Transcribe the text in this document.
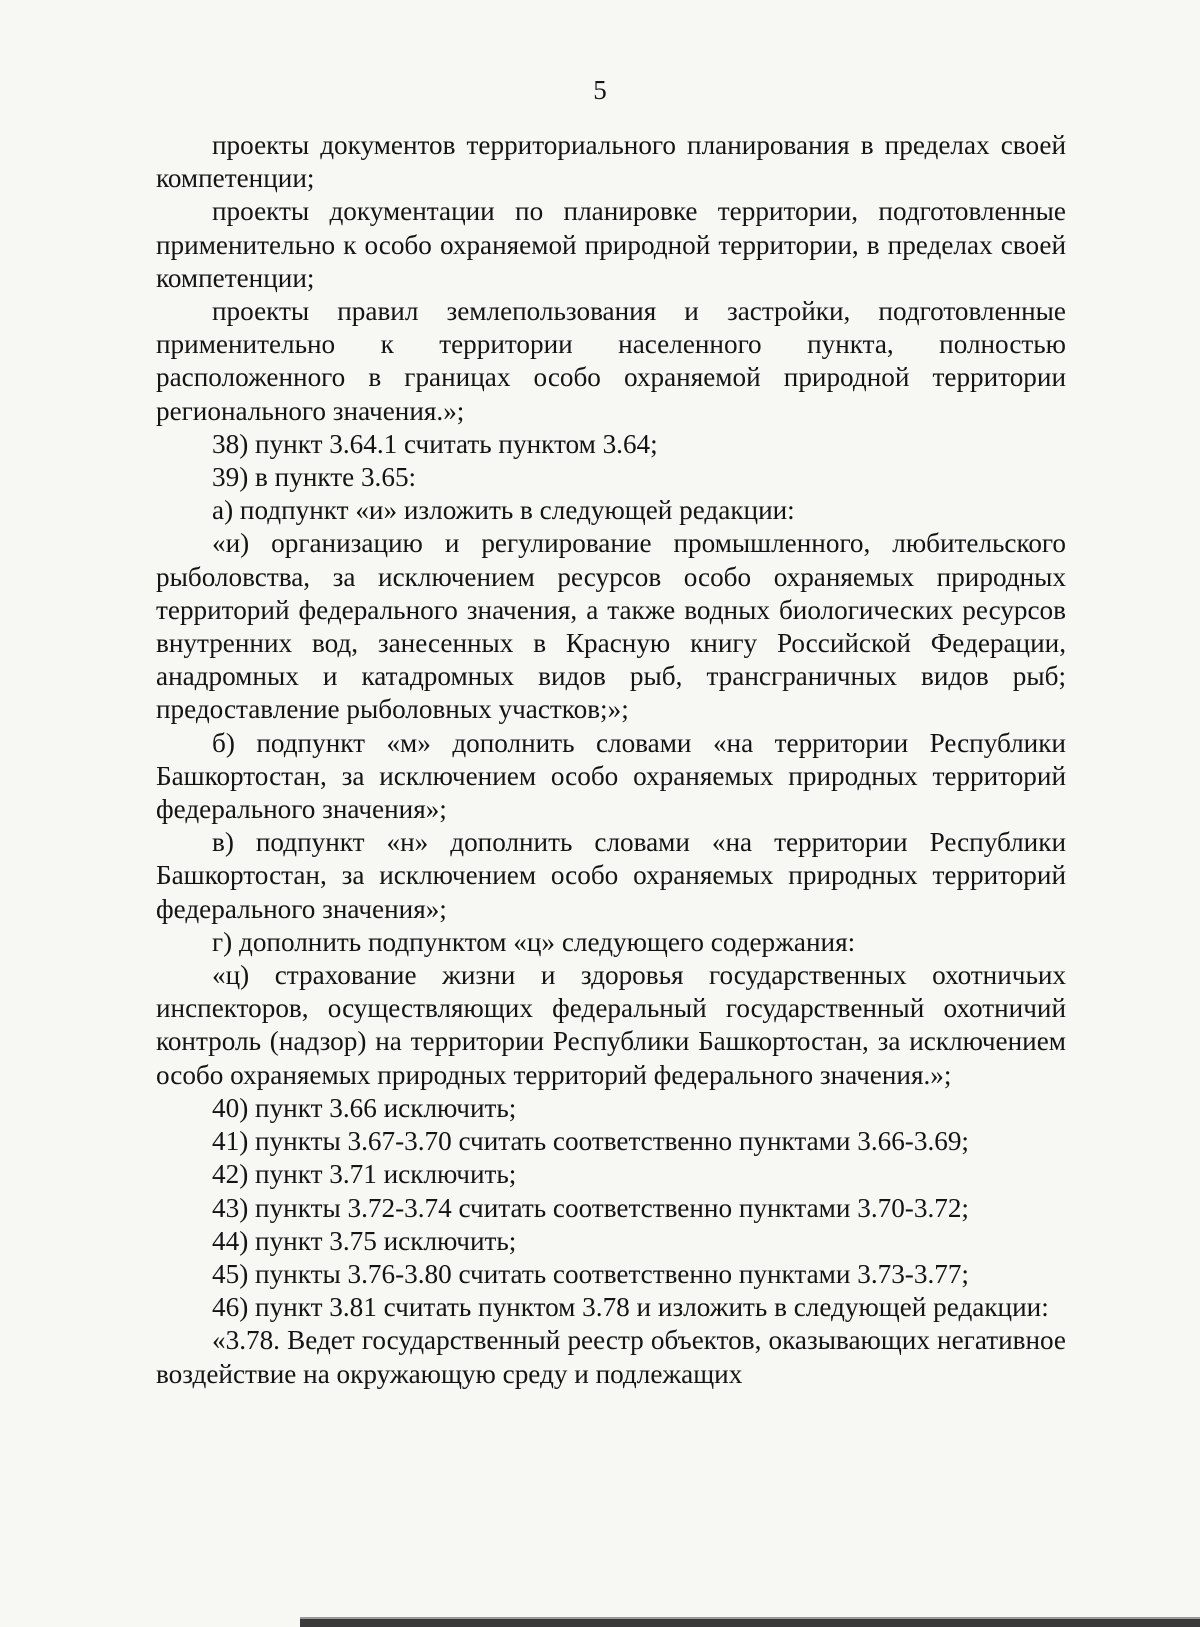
5

проекты документов территориального планирования в пределах своей компетенции;

проекты документации по планировке территории, подготовленные применительно к особо охраняемой природной территории, в пределах своей компетенции;

проекты правил землепользования и застройки, подготовленные применительно к территории населенного пункта, полностью расположенного в границах особо охраняемой природной территории регионального значения.»;

38) пункт 3.64.1 считать пунктом 3.64;

39) в пункте 3.65:

а) подпункт «и» изложить в следующей редакции:

«и) организацию и регулирование промышленного, любительского рыболовства, за исключением ресурсов особо охраняемых природных территорий федерального значения, а также водных биологических ресурсов внутренних вод, занесенных в Красную книгу Российской Федерации, анадромных и катадромных видов рыб, трансграничных видов рыб; предоставление рыболовных участков;»;

б) подпункт «м» дополнить словами «на территории Республики Башкортостан, за исключением особо охраняемых природных территорий федерального значения»;

в) подпункт «н» дополнить словами «на территории Республики Башкортостан, за исключением особо охраняемых природных территорий федерального значения»;

г) дополнить подпунктом «ц» следующего содержания:

«ц) страхование жизни и здоровья государственных охотничьих инспекторов, осуществляющих федеральный государственный охотничий контроль (надзор) на территории Республики Башкортостан, за исключением особо охраняемых природных территорий федерального значения.»;

40) пункт 3.66 исключить;

41) пункты 3.67-3.70 считать соответственно пунктами 3.66-3.69;

42) пункт 3.71 исключить;

43) пункты 3.72-3.74 считать соответственно пунктами 3.70-3.72;

44) пункт 3.75 исключить;

45) пункты 3.76-3.80 считать соответственно пунктами 3.73-3.77;

46) пункт 3.81 считать пунктом 3.78 и изложить в следующей редакции:

«3.78. Ведет государственный реестр объектов, оказывающих негативное воздействие на окружающую среду и подлежащих
